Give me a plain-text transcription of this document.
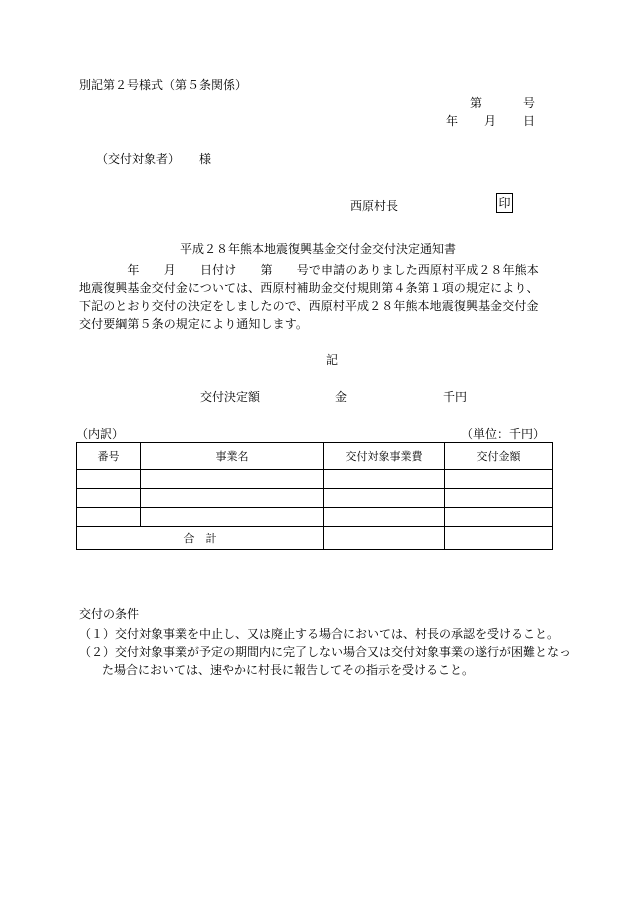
別記第２号様式（第５条関係）
第	号
年 月 日
（交付対象者） 様
西原村長	印
平成２８年熊本地震復興基金交付金交付決定通知書
　　　　年　　月　　日付け　　第　　号で申請のありました西原村平成２８年熊本
地震復興基金交付金については、西原村補助金交付規則第４条第１項の規定により、
下記のとおり交付の決定をしましたので、西原村平成２８年熊本地震復興基金交付金
交付要綱第５条の規定により通知します。
記
交付決定額	金	千円
（内訳）	（単位：千円）
番号	事業名	交付対象事業費	交付金額

合　計			
交付の条件
（１）交付対象事業を中止し、又は廃止する場合においては、村長の承認を受けること。
（２）交付対象事業が予定の期間内に完了しない場合又は交付対象事業の遂行が困難となっ
た場合においては、速やかに村長に報告してその指示を受けること。
